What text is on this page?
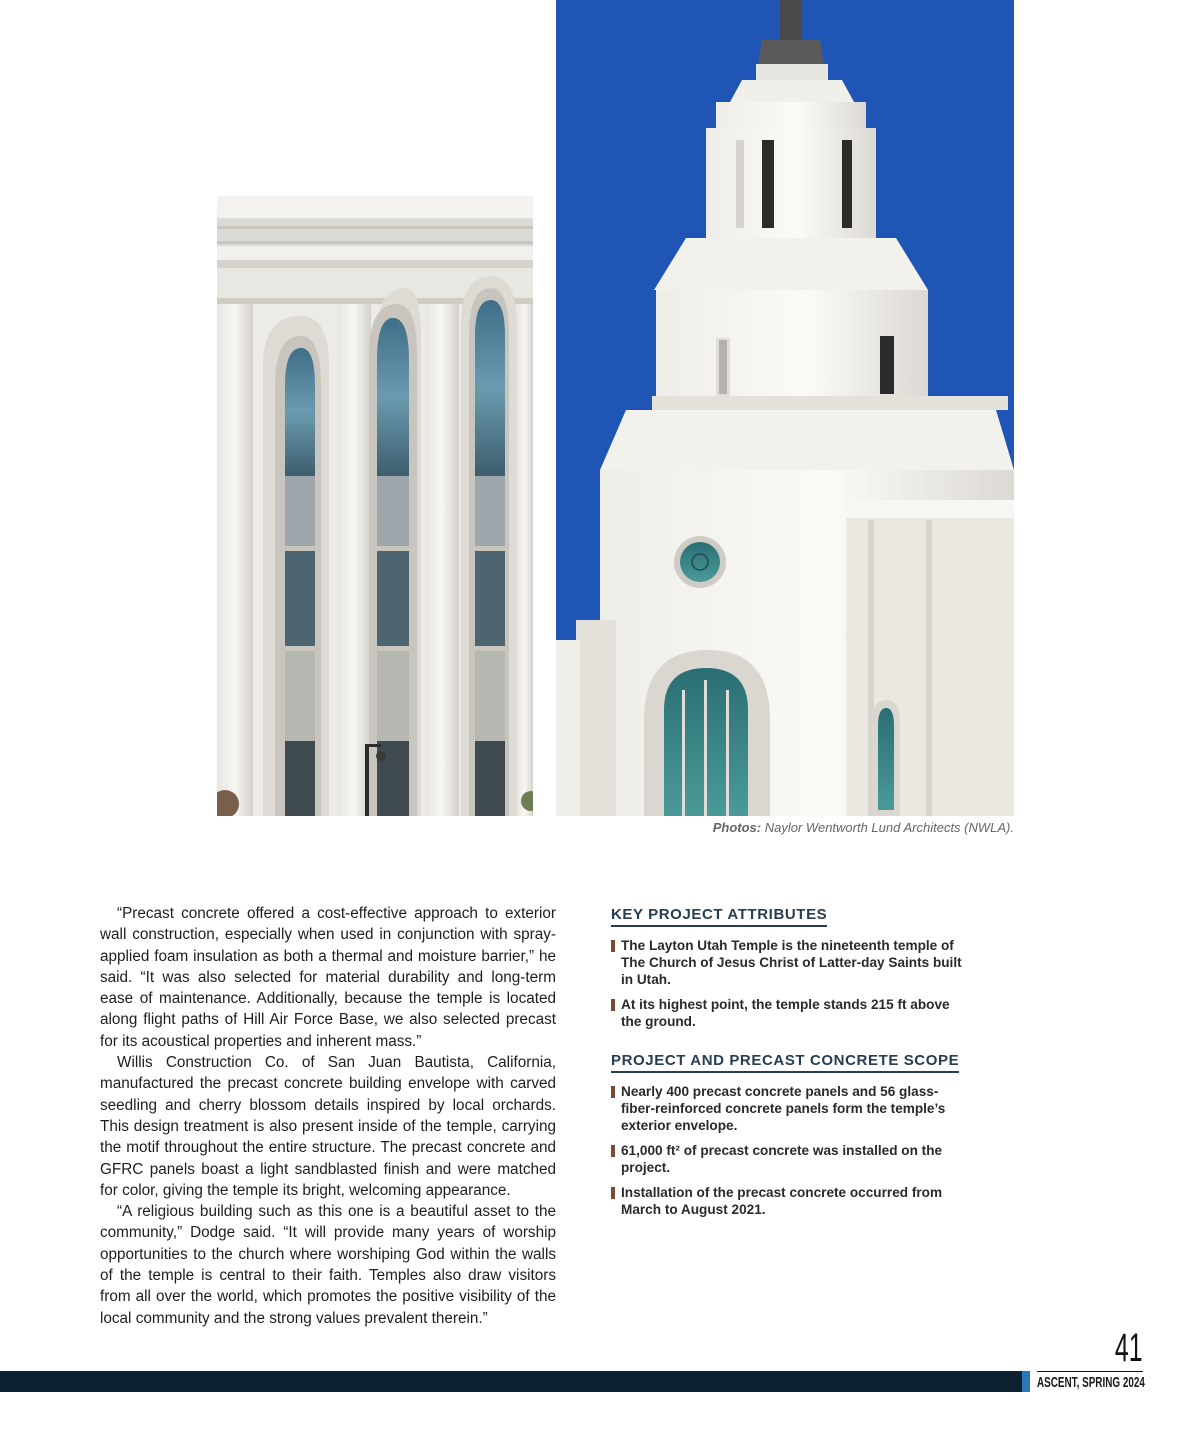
Photos: Naylor Wentworth Lund Architects (NWLA).

“Precast concrete offered a cost-effective approach to exterior wall construction, especially when used in conjunction with spray-applied foam insulation as both a thermal and moisture barrier,” he said. “It was also selected for material durability and long-term ease of maintenance. Additionally, because the temple is located along flight paths of Hill Air Force Base, we also selected precast for its acoustical properties and inherent mass.”

Willis Construction Co. of San Juan Bautista, California, manufactured the precast concrete building envelope with carved seedling and cherry blossom details inspired by local orchards. This design treatment is also present inside of the temple, carrying the motif throughout the entire structure. The precast concrete and GFRC panels boast a light sandblasted finish and were matched for color, giving the temple its bright, welcoming appearance.

“A religious building such as this one is a beautiful asset to the community,” Dodge said. “It will provide many years of worship opportunities to the church where worshiping God within the walls of the temple is central to their faith. Temples also draw visitors from all over the world, which promotes the positive visibility of the local community and the strong values prevalent therein.”

KEY PROJECT ATTRIBUTES
The Layton Utah Temple is the nineteenth temple of The Church of Jesus Christ of Latter-day Saints built in Utah.
At its highest point, the temple stands 215 ft above the ground.
PROJECT AND PRECAST CONCRETE SCOPE
Nearly 400 precast concrete panels and 56 glass-fiber-reinforced concrete panels form the temple’s exterior envelope.
61,000 ft² of precast concrete was installed on the project.
Installation of the precast concrete occurred from March to August 2021.
41
ASCENT, SPRING 2024
